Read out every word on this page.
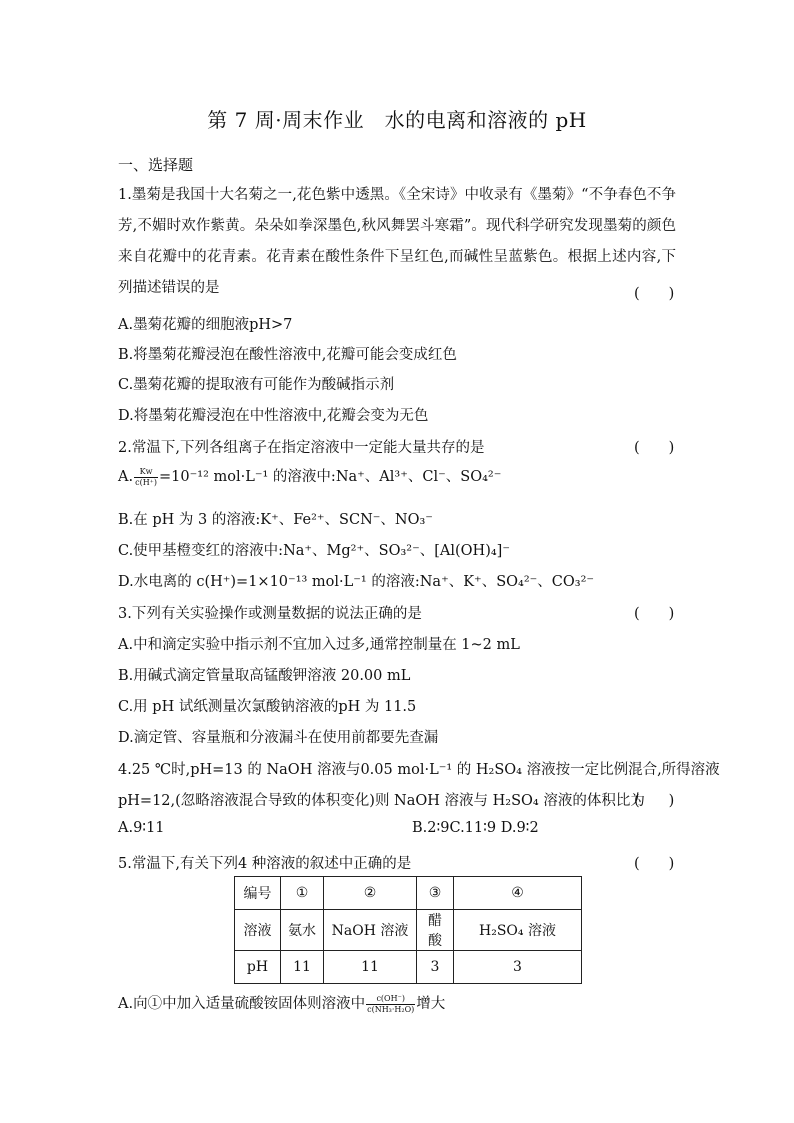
第 7 周·周末作业　水的电离和溶液的 pH
一、选择题
1.墨菊是我国十大名菊之一,花色紫中透黑。《全宋诗》中收录有《墨菊》“不争春色不争芳,不媚时欢作紫黄。朵朵如拳深墨色,秋风舞罢斗寒霜”。现代科学研究发现墨菊的颜色来自花瓣中的花青素。花青素在酸性条件下呈红色,而碱性呈蓝紫色。根据上述内容,下列描述错误的是	(　　)
A.墨菊花瓣的细胞液pH>7
B.将墨菊花瓣浸泡在酸性溶液中,花瓣可能会变成红色
C.墨菊花瓣的提取液有可能作为酸碱指示剂
D.将墨菊花瓣浸泡在中性溶液中,花瓣会变为无色
2.常温下,下列各组离子在指定溶液中一定能大量共存的是	(　　)
A. $\frac{Kw}{c(H^+)} =10^{-12}$ mol·L⁻¹ 的溶液中:Na⁺、Al³⁺、Cl⁻、SO₄²⁻
B.在 pH 为 3 的溶液:K⁺、Fe²⁺、SCN⁻、NO₃⁻
C.使甲基橙变红的溶液中:Na⁺、Mg²⁺、SO₃²⁻、[Al(OH)₄]⁻
D.水电离的 c(H⁺)=1×10⁻¹³ mol·L⁻¹ 的溶液:Na⁺、K⁺、SO₄²⁻、CO₃²⁻
3.下列有关实验操作或测量数据的说法正确的是	(　　)
A.中和滴定实验中指示剂不宜加入过多,通常控制量在 1~2 mL
B.用碱式滴定管量取高锰酸钾溶液 20.00 mL
C.用 pH 试纸测量次氯酸钠溶液的pH 为 11.5
D.滴定管、容量瓶和分液漏斗在使用前都要先查漏
4.25 ℃时,pH=13 的 NaOH 溶液与0.05 mol·L⁻¹ 的 H₂SO₄ 溶液按一定比例混合,所得溶液
pH=12,(忽略溶液混合导致的体积变化)则 NaOH 溶液与 H₂SO₄ 溶液的体积比为
(　　)
A.9∶11	B.2∶9C.11∶9 D.9∶2
5.常温下,有关下列4 种溶液的叙述中正确的是	(　　)
编号	①	②	③	④
溶液	氨水	NaOH 溶液	醋酸	H₂SO₄ 溶液
pH	11	11	3	3
A.向①中加入适量硫酸铵固体则溶液中 $\frac{c(OH^-)}{\text{c(NH₃·H₂O)}}$ 增大
